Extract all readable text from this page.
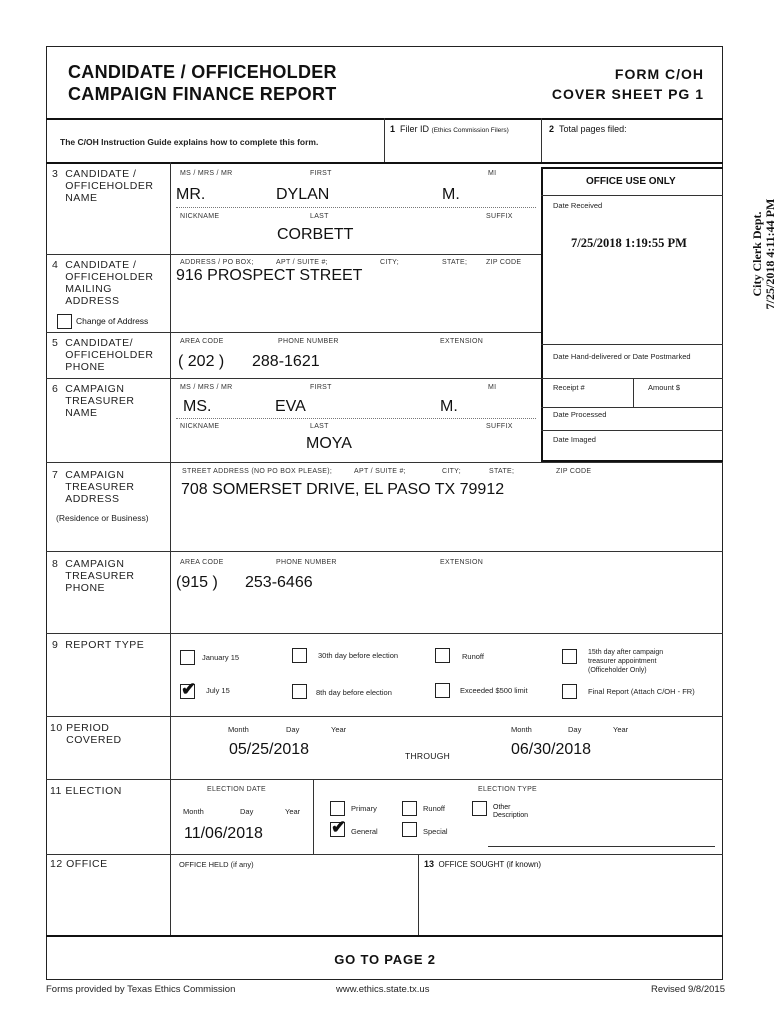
CANDIDATE / OFFICEHOLDER
CAMPAIGN FINANCE REPORT
FORM C/OH
COVER SHEET PG 1
The C/OH Instruction Guide explains how to complete this form.
1 Filer ID (Ethics Commission Filers)	2 Total pages filed:
OFFICE USE ONLY
Date Received
7/25/2018 1:19:55 PM
Date Hand-delivered or Date Postmarked
Receipt #	Amount $
Date Processed
Date Imaged
City Clerk Dept. 7/25/2018 4:11:44 PM
3 CANDIDATE / OFFICEHOLDER NAME
MS / MRS / MR	FIRST	MI
MR.	DYLAN	M.
NICKNAME	LAST	SUFFIX
CORBETT
4 CANDIDATE / OFFICEHOLDER MAILING ADDRESS
ADDRESS / PO BOX;	APT / SUITE #;	CITY;	STATE;	ZIP CODE
916 PROSPECT STREET
Change of Address
5 CANDIDATE/ OFFICEHOLDER PHONE
AREA CODE	PHONE NUMBER	EXTENSION
( 202 ) 288-1621
6 CAMPAIGN TREASURER NAME
MS / MRS / MR	FIRST	MI
MS.	EVA	M.
NICKNAME	LAST	SUFFIX
MOYA
7 CAMPAIGN TREASURER ADDRESS
(Residence or Business)
STREET ADDRESS (NO PO BOX PLEASE);	APT / SUITE #;	CITY;	STATE;	ZIP CODE
708 SOMERSET DRIVE, EL PASO TX 79912
8 CAMPAIGN TREASURER PHONE
AREA CODE	PHONE NUMBER	EXTENSION
(915 ) 253-6466
9 REPORT TYPE
January 15	30th day before election	Runoff	15th day after campaign
treasurer appointment
(Officeholder Only)
✔ July 15	8th day before election	Exceeded $500 limit	Final Report (Attach C/OH - FR)
10 PERIOD COVERED
Month	Day	Year	Month	Day	Year
05/25/2018	THROUGH	06/30/2018
11 ELECTION	ELECTION DATE	ELECTION TYPE
Month	Day	Year
11/06/2018
Primary	Runoff	Other
Description
✔ General	Special
12 OFFICE	OFFICE HELD (if any)	13 OFFICE SOUGHT (if known)
GO TO PAGE 2
Forms provided by Texas Ethics Commission	www.ethics.state.tx.us	Revised 9/8/2015
